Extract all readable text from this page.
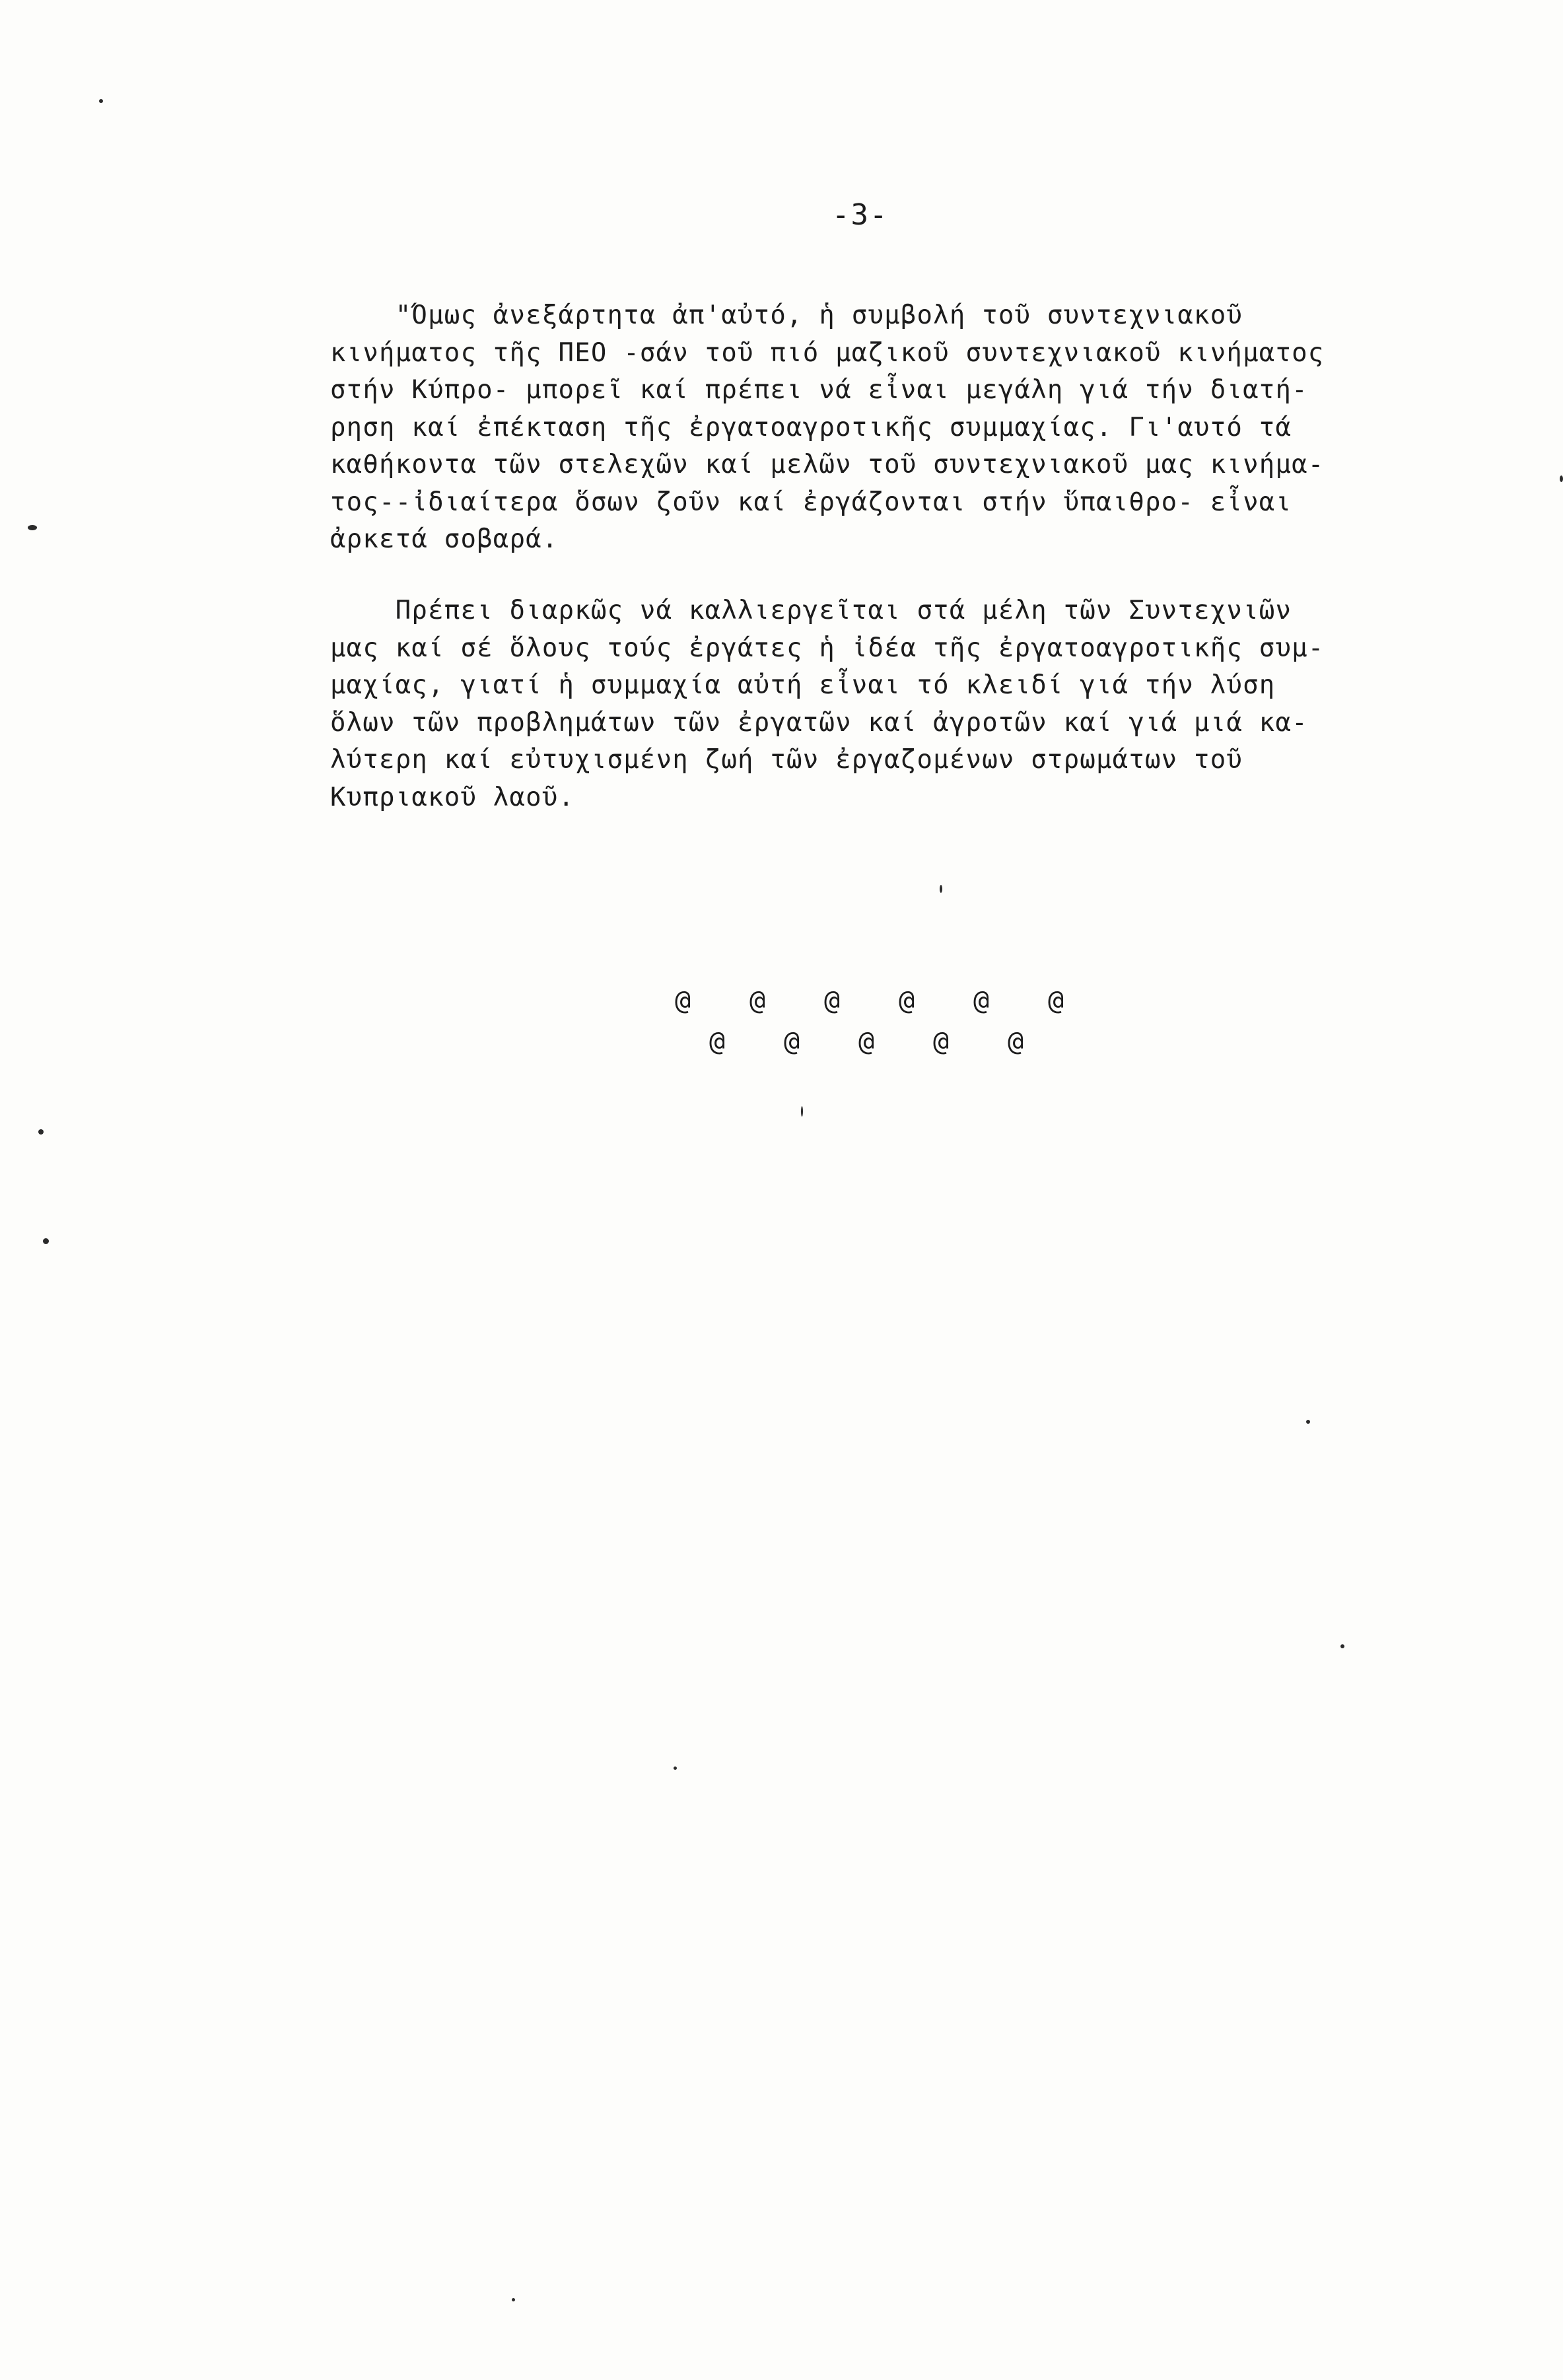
-3-
"Όμως ἀνεξάρτητα ἀπ'αὐτό, ἡ συμβολή τοῦ συντεχνιακοῦ
κινήματος τῆς ΠΕΟ -σάν τοῦ πιό μαζικοῦ συντεχνιακοῦ κινήματος
στήν Κύπρο- μπορεῖ καί πρέπει νά εἶναι μεγάλη γιά τήν διατή-
ρηση καί ἐπέκταση τῆς ἐργατοαγροτικῆς συμμαχίας. Γι'αυτό τά
καθήκοντα τῶν στελεχῶν καί μελῶν τοῦ συντεχνιακοῦ μας κινήμα-
τος--ἰδιαίτερα ὅσων ζοῦν καί ἐργάζονται στήν ὕπαιθρο- εἶναι
ἀρκετά σοβαρά.
Πρέπει διαρκῶς νά καλλιεργεῖται στά μέλη τῶν Συντεχνιῶν
μας καί σέ ὅλους τούς ἐργάτες ἡ ἰδέα τῆς ἐργατοαγροτικῆς συμ-
μαχίας, γιατί ἡ συμμαχία αὐτή εἶναι τό κλειδί γιά τήν λύση
ὅλων τῶν προβλημάτων τῶν ἐργατῶν καί ἀγροτῶν καί γιά μιά κα-
λύτερη καί εὐτυχισμένη ζωή τῶν ἐργαζομένων στρωμάτων τοῦ
Κυπριακοῦ λαοῦ.
@	@	@	@	@	@
@	@	@	@	@
